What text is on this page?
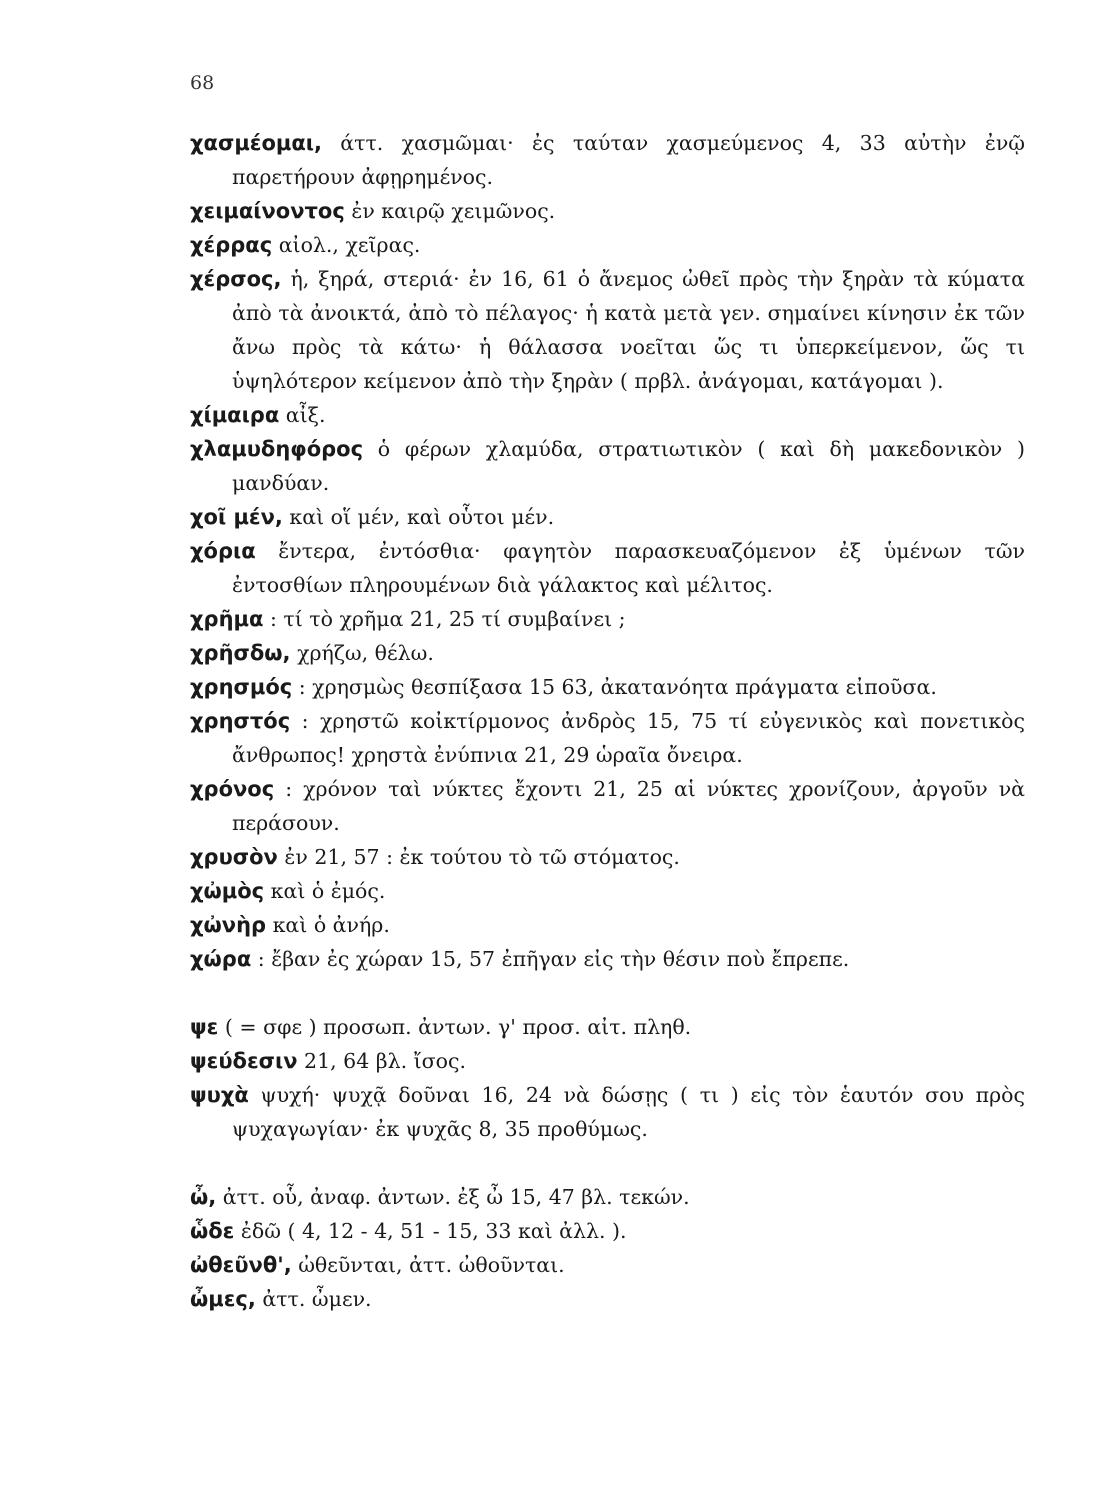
68
χασμέομαι, άττ. χασμῶμαι· ἐς ταύταν χασμεύμενος 4, 33 αὐτὴν ἐνῷ παρετήρουν ἀφῃρημένος.
χειμαίνοντος ἐν καιρῷ χειμῶνος.
χέρρας αἰολ., χεῖρας.
χέρσος, ἡ, ξηρά, στεριά· ἐν 16, 61 ὁ ἄνεμος ὠθεῖ πρὸς τὴν ξηρὰν τὰ κύματα ἀπὸ τὰ ἀνοικτά, ἀπὸ τὸ πέλαγος· ἡ κατὰ μετὰ γεν. σημαίνει κίνησιν ἐκ τῶν ἄνω πρὸς τὰ κάτω· ἡ θάλασσα νοεῖται ὥς τι ὑπερκείμενον, ὥς τι ὑψηλότερον κείμενον ἀπὸ τὴν ξηρὰν ( πρβλ. ἀνάγομαι, κατάγομαι ).
χίμαιρα αἶξ.
χλαμυδηφόρος ὁ φέρων χλαμύδα, στρατιωτικὸν ( καὶ δὴ μακεδονικὸν ) μανδύαν.
χοῖ μέν, καὶ οἵ μέν, καὶ οὗτοι μέν.
χόρια ἔντερα, ἐντόσθια· φαγητὸν παρασκευαζόμενον ἐξ ὑμένων τῶν ἐντοσθίων πληρουμένων διὰ γάλακτος καὶ μέλιτος.
χρῆμα : τί τὸ χρῆμα 21, 25 τί συμβαίνει ;
χρῆσδω, χρήζω, θέλω.
χρησμός : χρησμὼς θεσπίξασα 15 63, ἀκατανόητα πράγματα εἰποῦσα.
χρηστός : χρηστῶ κοἰκτίρμονος ἀνδρὸς 15, 75 τί εὐγενικὸς καὶ πονετικὸς ἄνθρωπος! χρηστὰ ἐνύπνια 21, 29 ὡραῖα ὄνειρα.
χρόνος : χρόνον ταὶ νύκτες ἔχοντι 21, 25 αἱ νύκτες χρονίζουν, ἀργοῦν νὰ περάσουν.
χρυσὸν ἐν 21, 57 : ἐκ τούτου τὸ τῶ στόματος.
χὠμὸς καὶ ὁ ἐμός.
χὠνὴρ καὶ ὁ ἀνήρ.
χώρα : ἔβαν ἐς χώραν 15, 57 ἐπῆγαν εἰς τὴν θέσιν ποὺ ἔπρεπε.
ψε ( = σφε ) προσωπ. ἀντων. γ' προσ. αἰτ. πληθ.
ψεύδεσιν 21, 64 βλ. ἴσος.
ψυχὰ ψυχή· ψυχᾷ δοῦναι 16, 24 νὰ δώσῃς ( τι ) εἰς τὸν ἑαυτόν σου πρὸς ψυχαγωγίαν· ἐκ ψυχᾶς 8, 35 προθύμως.
ὦ, ἀττ. οὗ, ἀναφ. ἀντων. ἐξ ὦ 15, 47 βλ. τεκών.
ὧδε ἐδῶ ( 4, 12 - 4, 51 - 15, 33 καὶ ἀλλ. ).
ὠθεῦνθ', ὠθεῦνται, ἀττ. ὠθοῦνται.
ὦμες, ἀττ. ὦμεν.
